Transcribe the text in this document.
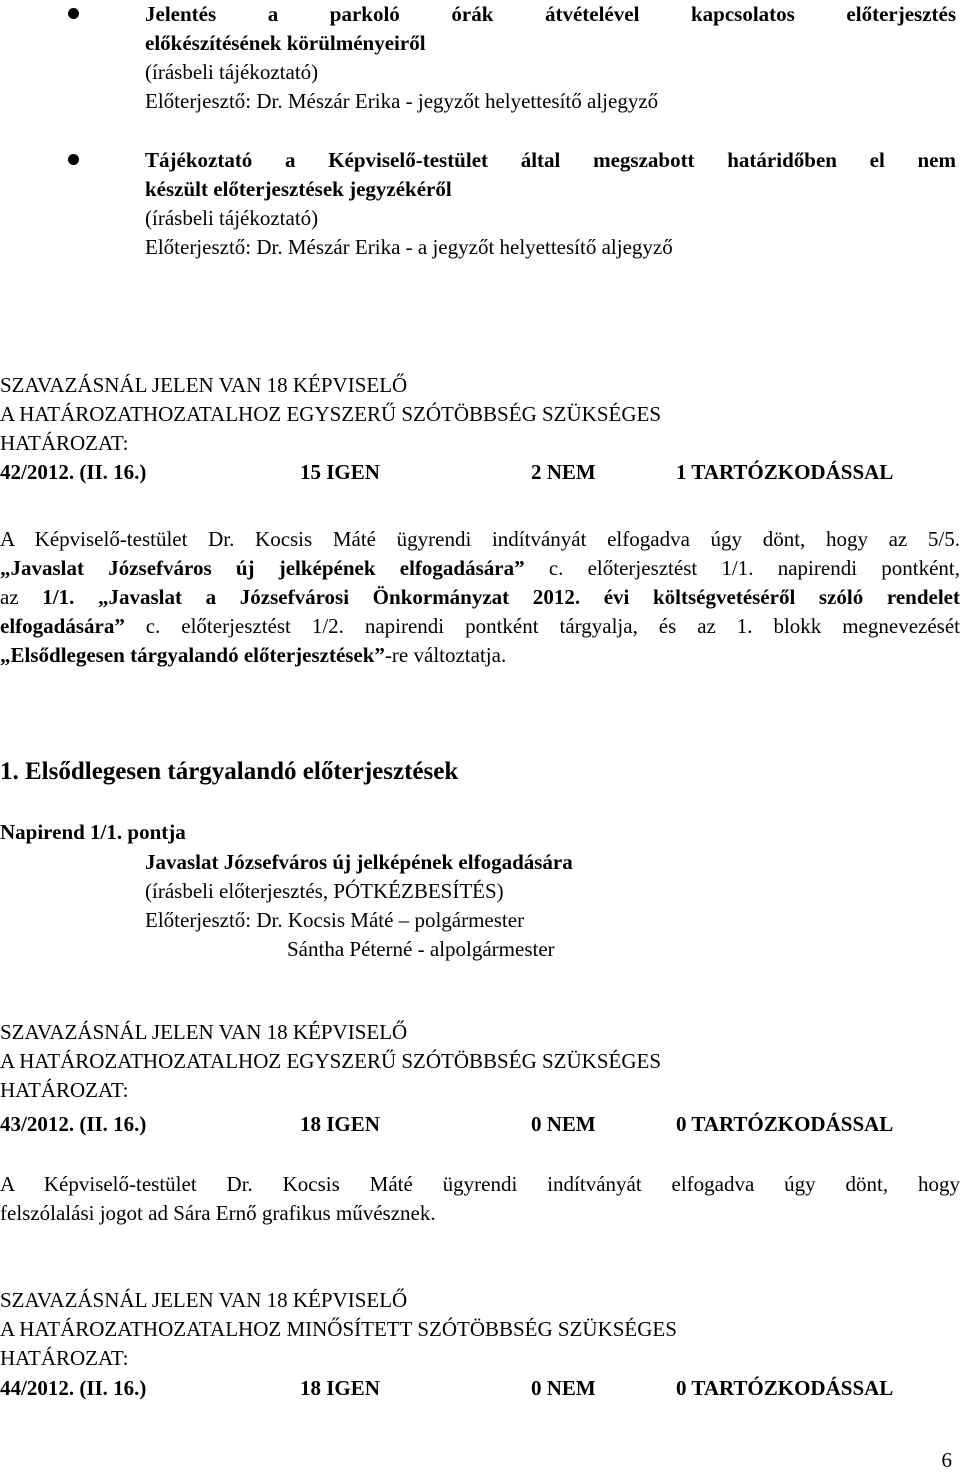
Jelentés a parkoló órák átvételével kapcsolatos előterjesztés
előkészítésének körülményeiről
(írásbeli tájékoztató)
Előterjesztő: Dr. Mészár Erika - jegyzőt helyettesítő aljegyző
Tájékoztató a Képviselő-testület által megszabott határidőben el nem
készült előterjesztések jegyzékéről
(írásbeli tájékoztató)
Előterjesztő: Dr. Mészár Erika - a jegyzőt helyettesítő aljegyző
SZAVAZÁSNÁL JELEN VAN 18 KÉPVISELŐ
A HATÁROZATHOZATALHOZ EGYSZERŰ SZÓTÖBBSÉG SZÜKSÉGES
HATÁROZAT:
42/2012. (II. 16.)	15 IGEN	2 NEM	1 TARTÓZKODÁSSAL
A Képviselő-testület Dr. Kocsis Máté ügyrendi indítványát elfogadva úgy dönt, hogy az 5/5.
„Javaslat Józsefváros új jelképének elfogadására” c. előterjesztést 1/1. napirendi pontként,
az 1/1. „Javaslat a Józsefvárosi Önkormányzat 2012. évi költségvetéséről szóló rendelet
elfogadására” c. előterjesztést 1/2. napirendi pontként tárgyalja, és az 1. blokk megnevezését
„Elsődlegesen tárgyalandó előterjesztések”-re változtatja.
1. Elsődlegesen tárgyalandó előterjesztések
Napirend 1/1. pontja
Javaslat Józsefváros új jelképének elfogadására
(írásbeli előterjesztés, PÓTKÉZBESÍTÉS)
Előterjesztő: Dr. Kocsis Máté – polgármester
Sántha Péterné - alpolgármester
SZAVAZÁSNÁL JELEN VAN 18 KÉPVISELŐ
A HATÁROZATHOZATALHOZ EGYSZERŰ SZÓTÖBBSÉG SZÜKSÉGES
HATÁROZAT:
43/2012. (II. 16.)	18 IGEN	0 NEM	0 TARTÓZKODÁSSAL
A Képviselő-testület Dr. Kocsis Máté ügyrendi indítványát elfogadva úgy dönt, hogy
felszólalási jogot ad Sára Ernő grafikus művésznek.
SZAVAZÁSNÁL JELEN VAN 18 KÉPVISELŐ
A HATÁROZATHOZATALHOZ MINŐSÍTETT SZÓTÖBBSÉG SZÜKSÉGES
HATÁROZAT:
44/2012. (II. 16.)	18 IGEN	0 NEM	0 TARTÓZKODÁSSAL
6
